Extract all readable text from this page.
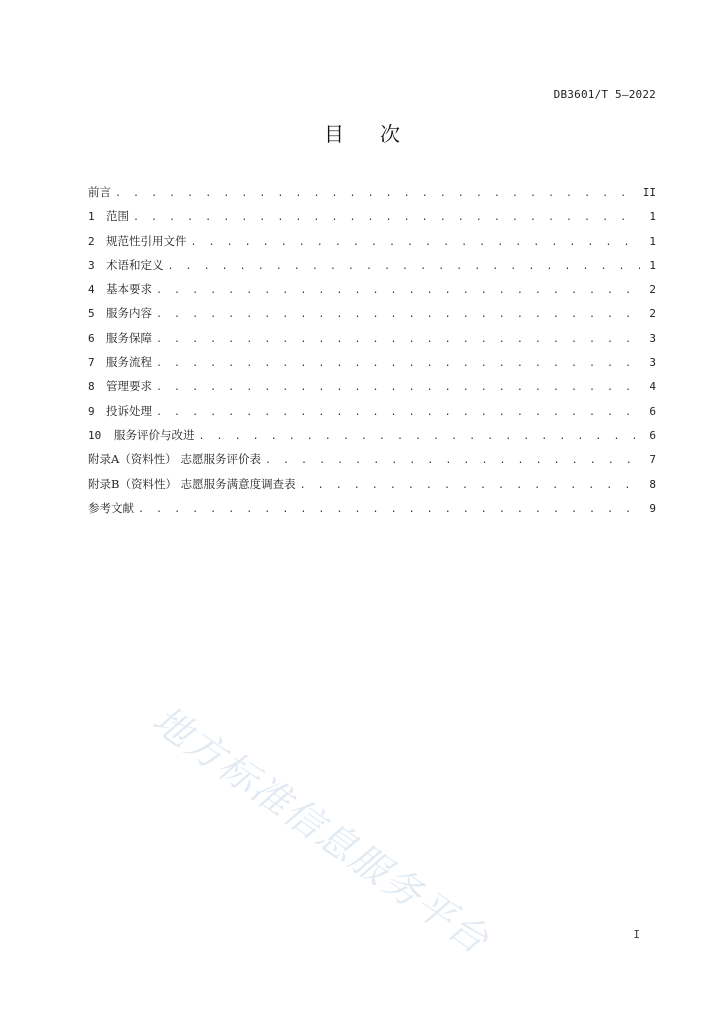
DB3601/T 5—2022
目次
前言 . . .	II
1 范围 . . .	1
2 规范性引用文件 . . .	1
3 术语和定义 . . .	1
4 基本要求 . . .	2
5 服务内容 . . .	2
6 服务保障 . . .	3
7 服务流程 . . .	3
8 管理要求 . . .	4
9 投诉处理 . . .	6
10	服务评价与改进 . . .	6
附录A（资料性） 志愿服务评价表 . . .	7
附录B（资料性） 志愿服务满意度调查表 . . .	8
参考文献 . . .	9
地方标准信息服务平台	I
